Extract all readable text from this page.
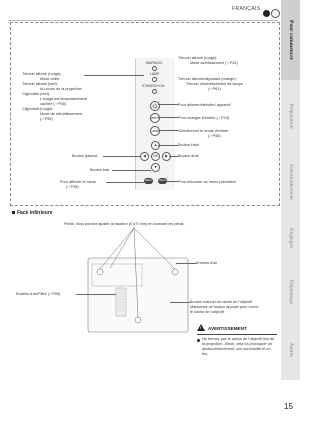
FRANÇAIS
Pour commencer
Préparation
Fonctionnement
Réglages
Dépannage
Autres
WARNING
LAMP
STANDBY/ON
INPUT
HIDE
▲
◀	OK	▶
▼
MENU	BACK
Témoin allumé (rouge):
Mode veille.
Témoin allumé (vert):
Au cours de la projection
Clignotant (vert):
L'image est temporairement
cachée (☞P55)
Clignotant (rouge):
Mode de refroidissement
(☞P55)
Bouton gauche
Bouton bas
Pour afficher le menu
(☞P39)
Témoin allumé (rouge):
Mode avertissement (☞P61)
Témoin allumé/clignotant (orange):
Témoin d'avertissement de lampe
(☞P61)
Pour allumer/éteindre l'appareil
Pour changer d'entrée (☞P24)
Sélectionner le mode d'entrée
(☞P55)
Bouton Haut
Bouton droit
Pour retourner au menu précédent
Face inférieure
Pieds: Vous pouvez ajuster la hauteur (0 à 5 mm) en tournant les pieds.
Entrées d'air
Entrées d'air/Filtre (☞P69)
Bouton manuel du cache de l'objectif
Maintenez ce bouton appuyé pour ouvrir
le cache de l'objectif.
!
AVERTISSEMENT
Ne fermez pas le cache de l'objectif lors de
la projection. Sinon, cela va provoquer un
dysfonctionnement, une surchauffe et un
feu.
15
